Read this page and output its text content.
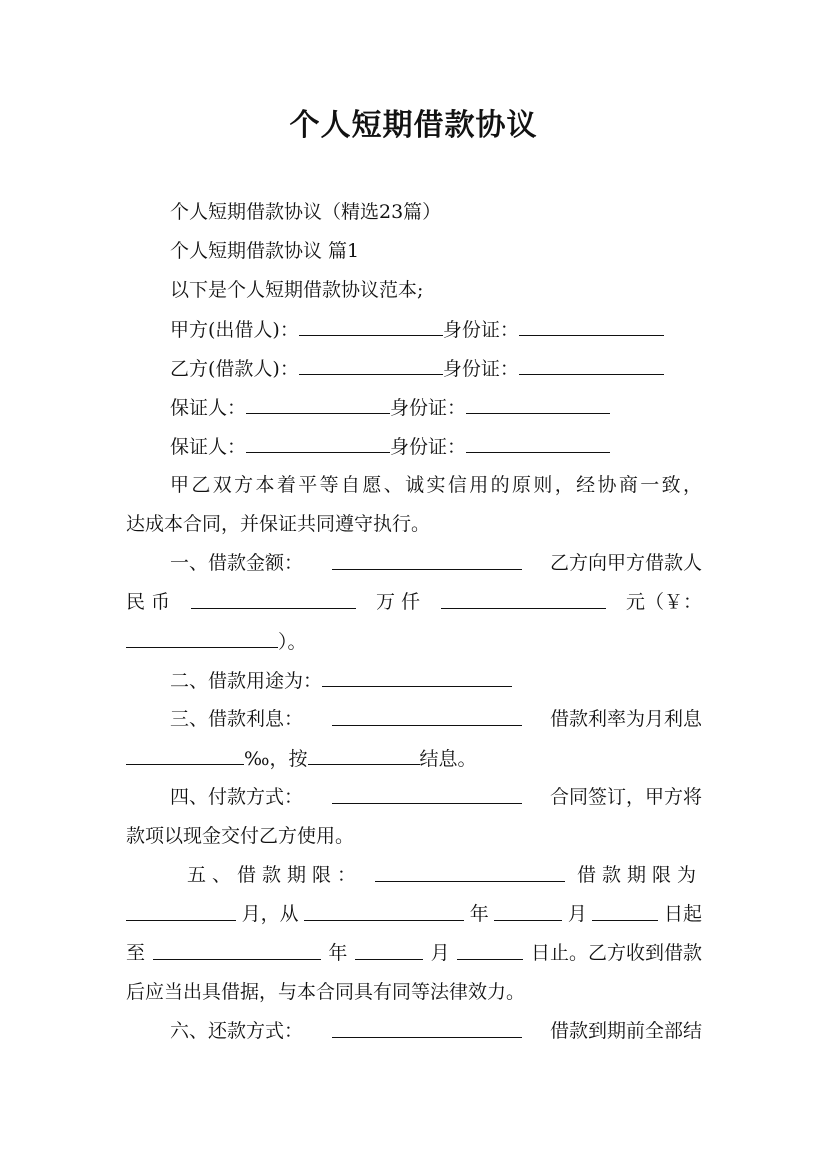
个人短期借款协议
个人短期借款协议（精选23篇）
个人短期借款协议 篇1
以下是个人短期借款协议范本;
甲方(出借人)：	身份证：
乙方(借款人)：	身份证：
保证人：	身份证：
保证人：	身份证：
甲乙双方本着平等自愿、诚实信用的原则，经协商一致，
达成本合同，并保证共同遵守执行。
一、借款金额：	乙方向甲方借款人
民 币	万 仟	元（￥：
）。
二、借款用途为：
三、借款利息：	借款利率为月利息
‰，按	结息。
四、付款方式：	合同签订，甲方将
款项以现金交付乙方使用。
五、借款期限：	借款期限为
月，从	年	月	日起
至	年	月	日止。乙方收到借款
后应当出具借据，与本合同具有同等法律效力。
六、还款方式：	借款到期前全部结
